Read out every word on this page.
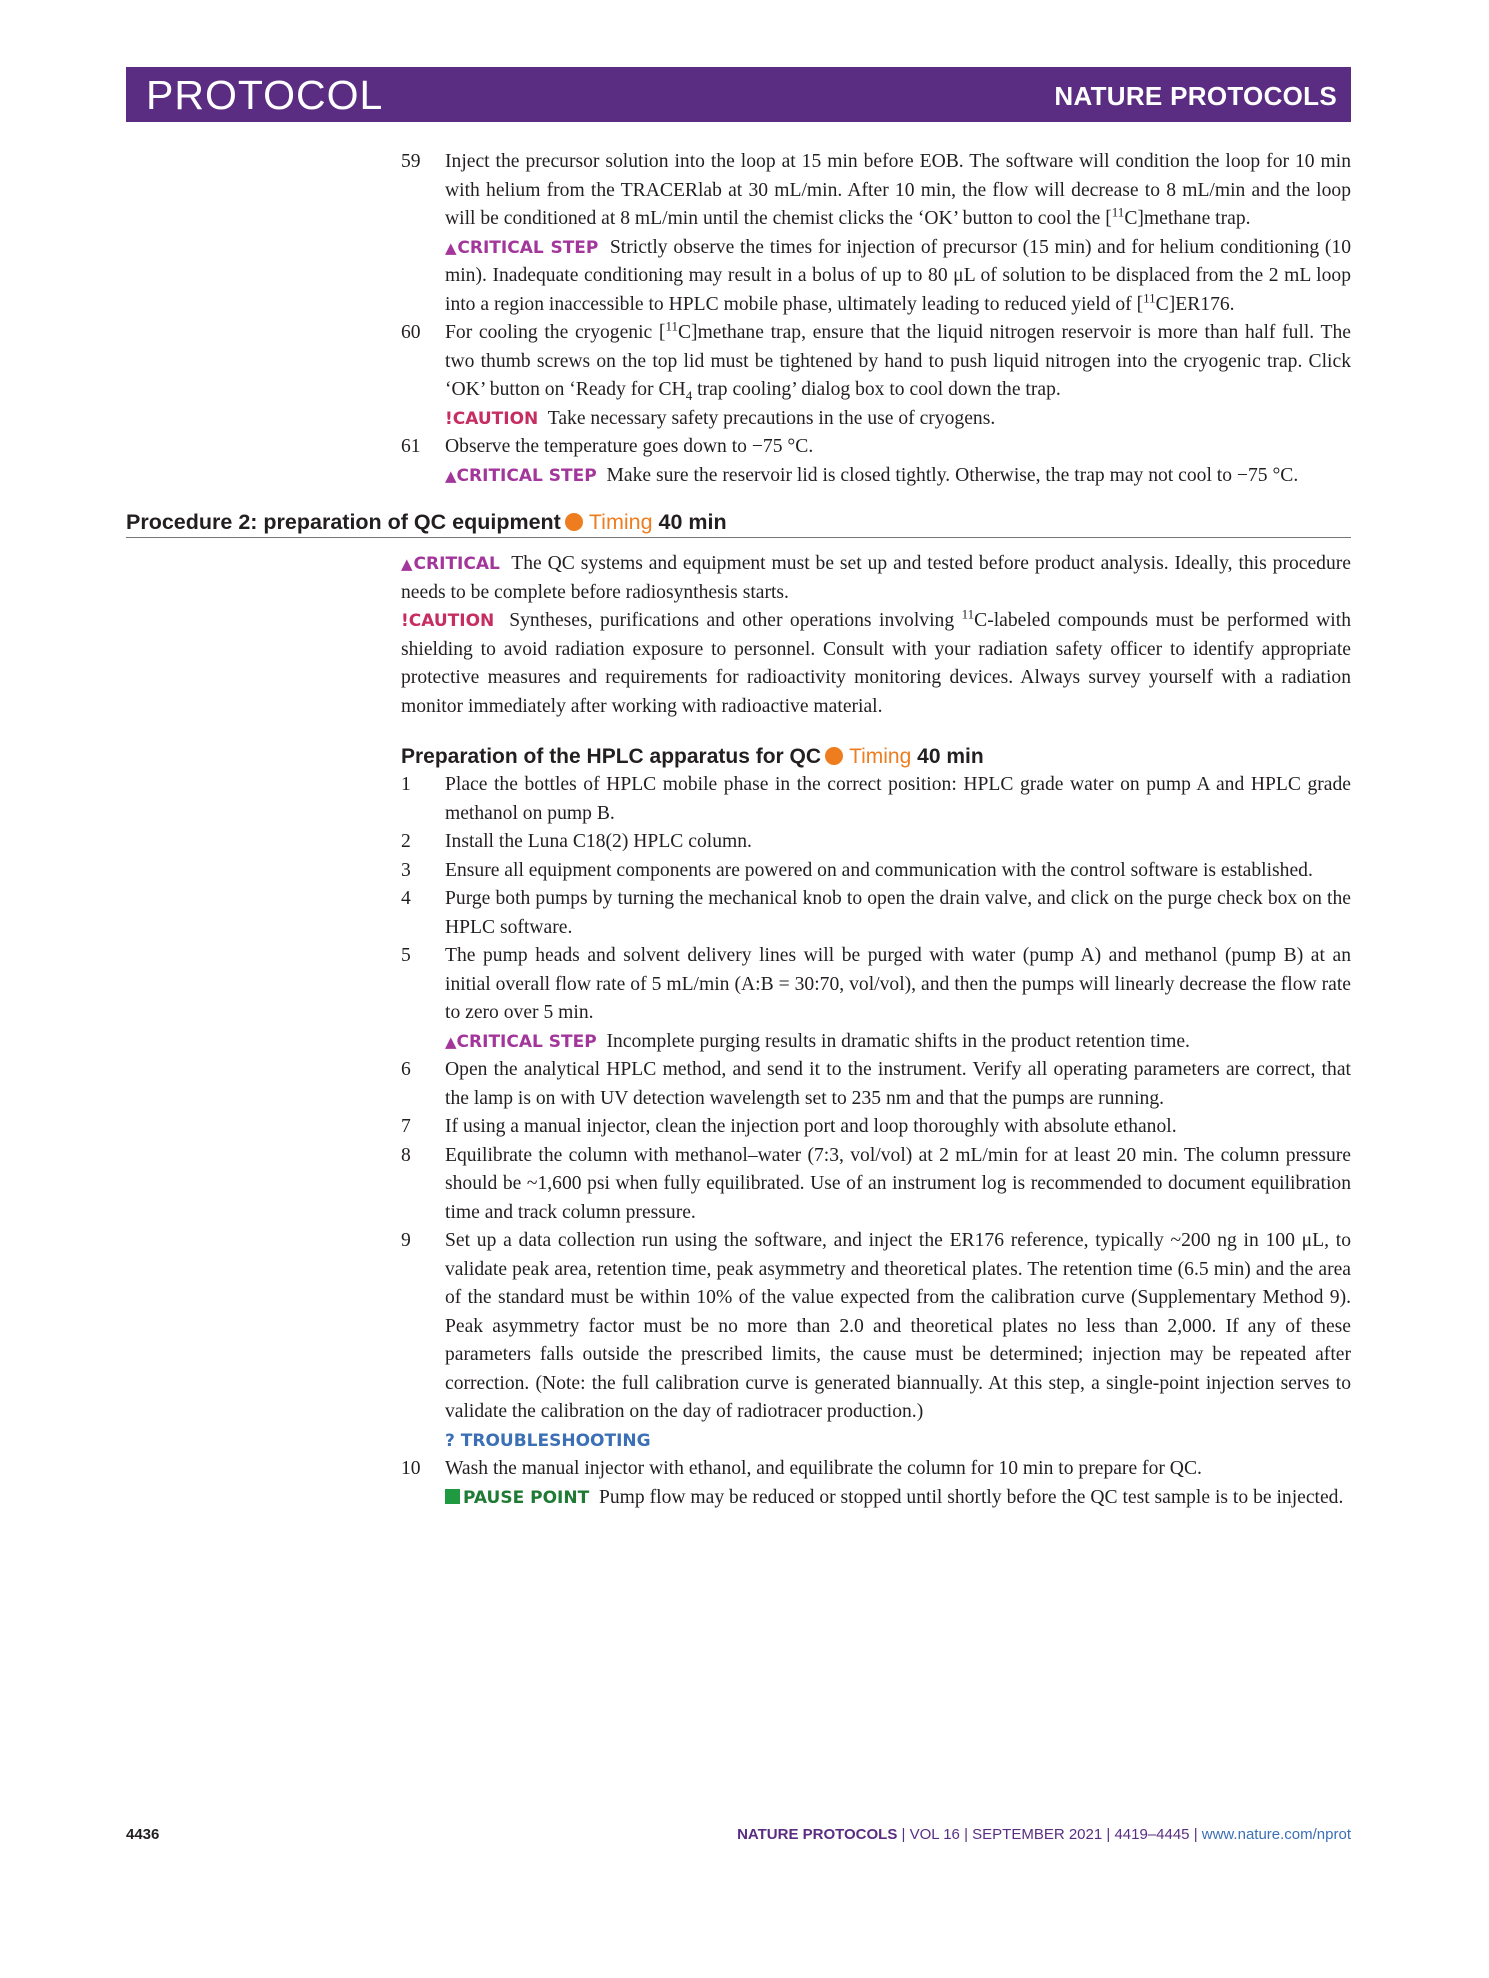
PROTOCOL	NATURE PROTOCOLS
59	Inject the precursor solution into the loop at 15 min before EOB. The software will condition the loop for 10 min with helium from the TRACERlab at 30 mL/min. After 10 min, the flow will decrease to 8 mL/min and the loop will be conditioned at 8 mL/min until the chemist clicks the ‘OK’ button to cool the [$^{11}$C]methane trap.

▲CRITICAL STEP Strictly observe the times for injection of precursor (15 min) and for helium conditioning (10 min). Inadequate conditioning may result in a bolus of up to 80 μL of solution to be displaced from the 2 mL loop into a region inaccessible to HPLC mobile phase, ultimately leading to reduced yield of [$^{11}$C]ER176.

60	For cooling the cryogenic [$^{11}$C]methane trap, ensure that the liquid nitrogen reservoir is more than half full. The two thumb screws on the top lid must be tightened by hand to push liquid nitrogen into the cryogenic trap. Click ‘OK’ button on ‘Ready for $CH_4$ trap cooling’ dialog box to cool down the trap.

!CAUTION Take necessary safety precautions in the use of cryogens.

61	Observe the temperature goes down to −75 °C.

▲CRITICAL STEP Make sure the reservoir lid is closed tightly. Otherwise, the trap may not cool to −75 °C.

Procedure 2: preparation of QC equipment Timing 40 min

▲CRITICAL The QC systems and equipment must be set up and tested before product analysis. Ideally, this procedure needs to be complete before radiosynthesis starts.

!CAUTION Syntheses, purifications and other operations involving $^{11}$C-labeled compounds must be performed with shielding to avoid radiation exposure to personnel. Consult with your radiation safety officer to identify appropriate protective measures and requirements for radioactivity monitoring devices. Always survey yourself with a radiation monitor immediately after working with radioactive material.

Preparation of the HPLC apparatus for QC Timing 40 min
1	Place the bottles of HPLC mobile phase in the correct position: HPLC grade water on pump A and HPLC grade methanol on pump B.

2	Install the Luna C18(2) HPLC column.

3	Ensure all equipment components are powered on and communication with the control software is established.

4	Purge both pumps by turning the mechanical knob to open the drain valve, and click on the purge check box on the HPLC software.

5	The pump heads and solvent delivery lines will be purged with water (pump A) and methanol (pump B) at an initial overall flow rate of 5 mL/min (A:B = 30:70, vol/vol), and then the pumps will linearly decrease the flow rate to zero over 5 min.

▲CRITICAL STEP Incomplete purging results in dramatic shifts in the product retention time.

6	Open the analytical HPLC method, and send it to the instrument. Verify all operating parameters are correct, that the lamp is on with UV detection wavelength set to 235 nm and that the pumps are running.

7	If using a manual injector, clean the injection port and loop thoroughly with absolute ethanol.

8	Equilibrate the column with methanol–water (7:3, vol/vol) at 2 mL/min for at least 20 min. The column pressure should be ~1,600 psi when fully equilibrated. Use of an instrument log is recommended to document equilibration time and track column pressure.

9	Set up a data collection run using the software, and inject the ER176 reference, typically ~200 ng in 100 μL, to validate peak area, retention time, peak asymmetry and theoretical plates. The retention time (6.5 min) and the area of the standard must be within 10% of the value expected from the calibration curve (Supplementary Method 9). Peak asymmetry factor must be no more than 2.0 and theoretical plates no less than 2,000. If any of these parameters falls outside the prescribed limits, the cause must be determined; injection may be repeated after correction. (Note: the full calibration curve is generated biannually. At this step, a single-point injection serves to validate the calibration on the day of radiotracer production.)

? TROUBLESHOOTING

10	Wash the manual injector with ethanol, and equilibrate the column for 10 min to prepare for QC.

PAUSE POINT Pump flow may be reduced or stopped until shortly before the QC test sample is to be injected.

4436	NATURE PROTOCOLS | VOL 16 | SEPTEMBER 2021 | 4419–4445 | www.nature.com/nprot
